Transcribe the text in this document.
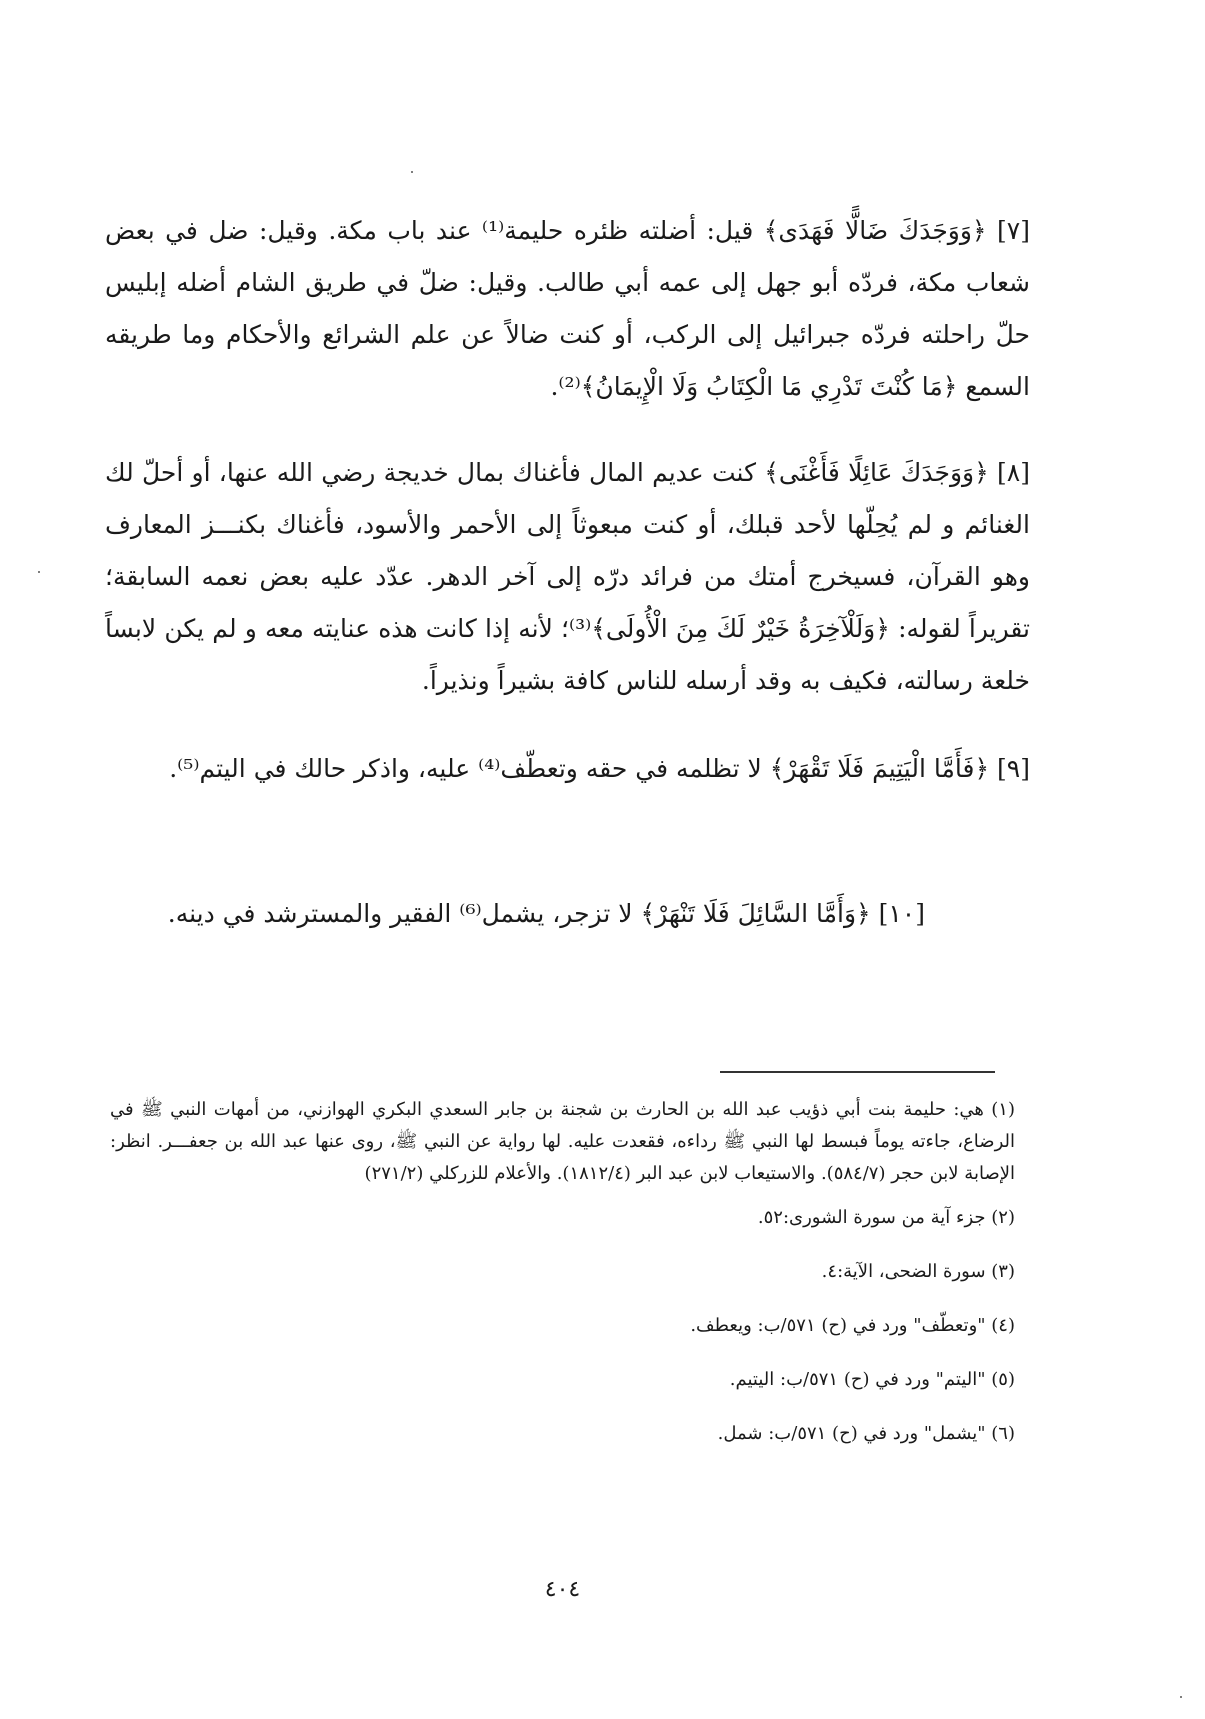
[٧] ﴿وَوَجَدَكَ ضَالًّا فَهَدَى﴾ قيل: أضلته ظئره حليمة⁽¹⁾ عند باب مكة. وقيل: ضل في بعض شعاب مكة، فردّه أبو جهل إلى عمه أبي طالب. وقيل: ضلّ في طريق الشام أضله إبليس حلّ راحلته فردّه جبرائيل إلى الركب، أو كنت ضالاً عن علم الشرائع والأحكام وما طريقه السمع ﴿مَا كُنْتَ تَدْرِي مَا الْكِتَابُ وَلَا الْإِيمَانُ﴾⁽²⁾.

[٨] ﴿وَوَجَدَكَ عَائِلًا فَأَغْنَى﴾ كنت عديم المال فأغناك بمال خديجة رضي الله عنها، أو أحلّ لك الغنائم و لم يُحِلّها لأحد قبلك، أو كنت مبعوثاً إلى الأحمر والأسود، فأغناك بكنـــز المعارف وهو القرآن، فسيخرج أمتك من فرائد درّه إلى آخر الدهر. عدّد عليه بعض نعمه السابقة؛ تقريراً لقوله: ﴿وَلَلْآخِرَةُ خَيْرٌ لَكَ مِنَ الْأُولَى﴾⁽³⁾؛ لأنه إذا كانت هذه عنايته معه و لم يكن لابساً خلعة رسالته، فكيف به وقد أرسله للناس كافة بشيراً ونذيراً.

[٩] ﴿فَأَمَّا الْيَتِيمَ فَلَا تَقْهَرْ﴾ لا تظلمه في حقه وتعطّف⁽⁴⁾ عليه، واذكر حالك في اليتم⁽⁵⁾.

[١٠] ﴿وَأَمَّا السَّائِلَ فَلَا تَنْهَرْ﴾ لا تزجر، يشمل⁽⁶⁾ الفقير والمسترشد في دينه.

(١) هي: حليمة بنت أبي ذؤيب عبد الله بن الحارث بن شجنة بن جابر السعدي البكري الهوازني، من أمهات النبي ﷺ في الرضاع، جاءته يوماً فبسط لها النبي ﷺ رداءه، فقعدت عليه. لها رواية عن النبي ﷺ، روى عنها عبد الله بن جعفـــر. انظر: الإصابة لابن حجر (٥٨٤/٧). والاستيعاب لابن عبد البر (١٨١٢/٤). والأعلام للزركلي (٢٧١/٢)

(٢) جزء آية من سورة الشورى:٥٢.

(٣) سورة الضحى، الآية:٤.

(٤) "وتعطّف" ورد في (ح) ٥٧١/ب: ويعطف.

(٥) "اليتم" ورد في (ح) ٥٧١/ب: اليتيم.

(٦) "يشمل" ورد في (ح) ٥٧١/ب: شمل.

٤٠٤
